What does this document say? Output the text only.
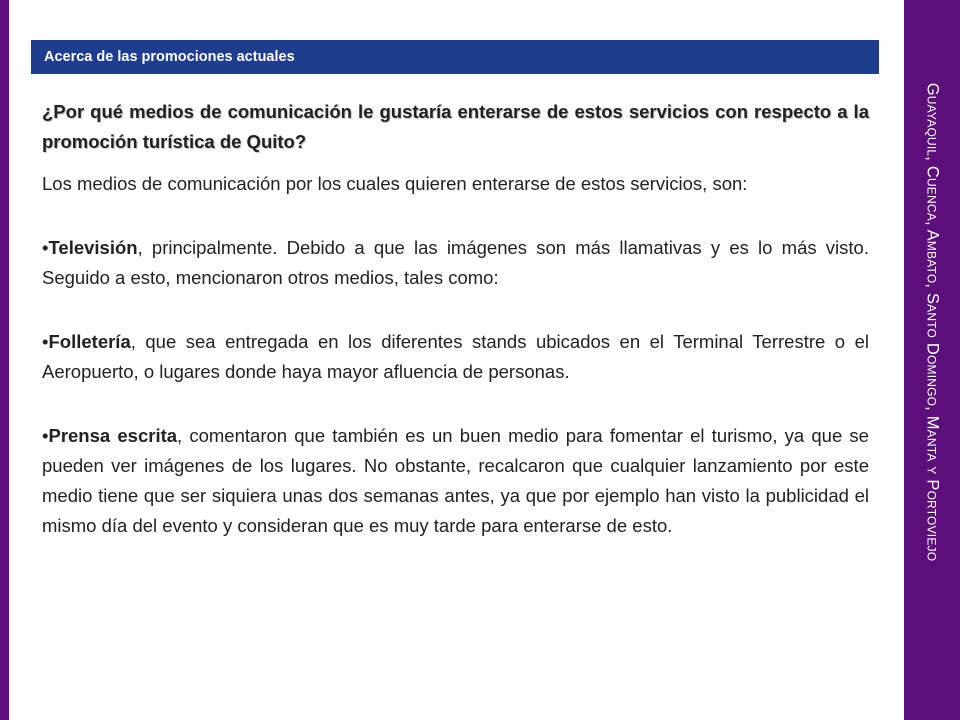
Guayaquil, Cuenca, Ambato, Santo Domingo, Manta y Portoviejo
Acerca de las promociones actuales

¿Por qué medios de comunicación le gustaría enterarse de estos servicios con respecto a la promoción turística de Quito?

Los medios de comunicación por los cuales quieren enterarse de estos servicios, son:

•Televisión, principalmente. Debido a que las imágenes son más llamativas y es lo más visto. Seguido a esto, mencionaron otros medios, tales como:

•Folletería, que sea entregada en los diferentes stands ubicados en el Terminal Terrestre o el Aeropuerto, o lugares donde haya mayor afluencia de personas.

•Prensa escrita, comentaron que también es un buen medio para fomentar el turismo, ya que se pueden ver imágenes de los lugares. No obstante, recalcaron que cualquier lanzamiento por este medio tiene que ser siquiera unas dos semanas antes, ya que por ejemplo han visto la publicidad el mismo día del evento y consideran que es muy tarde para enterarse de esto.
